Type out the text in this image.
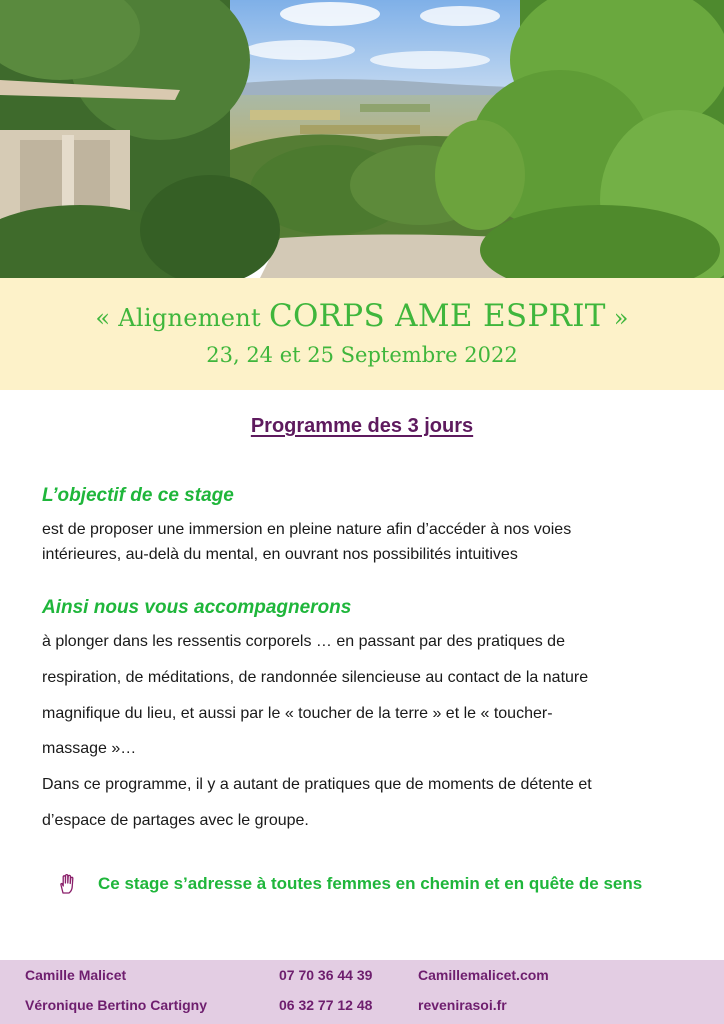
« Alignement CORPS AME ESPRIT »
23, 24 et 25 Septembre 2022
Programme des 3 jours
L’objectif de ce stage
est de proposer une immersion en pleine nature afin d’accéder à nos voies
intérieures, au-delà du mental, en ouvrant nos possibilités intuitives
Ainsi nous vous accompagnerons
à plonger dans les ressentis corporels … en passant par des pratiques de
respiration, de méditations, de randonnée silencieuse au contact de la nature
magnifique du lieu, et aussi par le « toucher de la terre » et le « toucher-
massage »…
Dans ce programme, il y a autant de pratiques que de moments de détente et
d’espace de partages avec le groupe.
Ce stage s’adresse à toutes femmes en chemin et en quête de sens
Camille Malicet	07 70 36 44 39	Camillemalicet.com
Véronique Bertino Cartigny	06 32 77 12 48	revenirasoi.fr
